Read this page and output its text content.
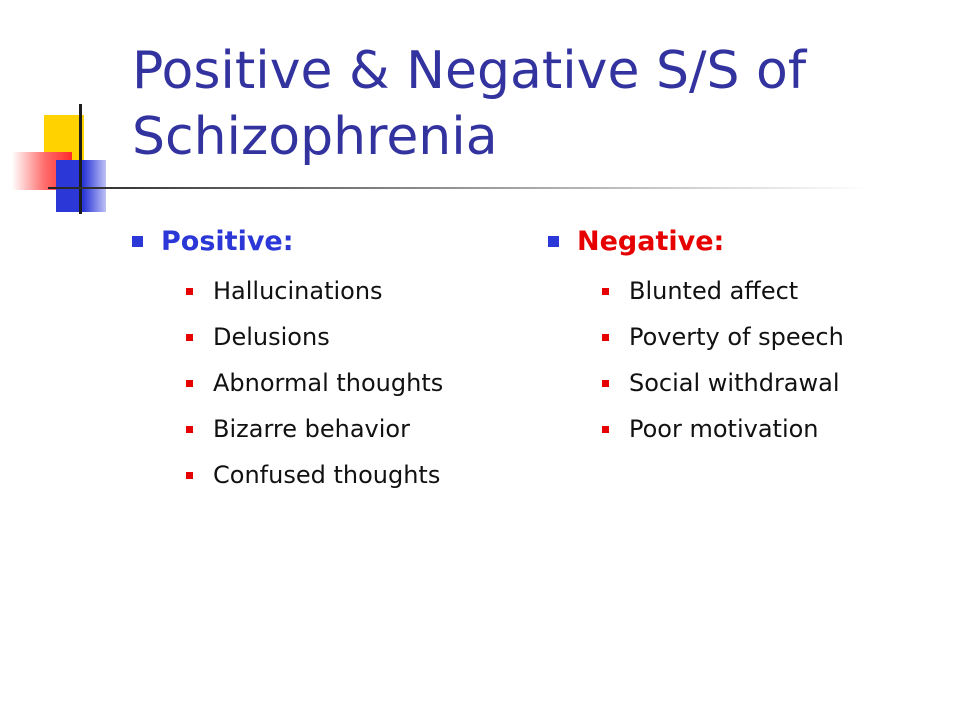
Positive & Negative S/S of Schizophrenia
Positive:
Hallucinations
Delusions
Abnormal thoughts
Bizarre behavior
Confused thoughts
Negative:
Blunted affect
Poverty of speech
Social withdrawal
Poor motivation
